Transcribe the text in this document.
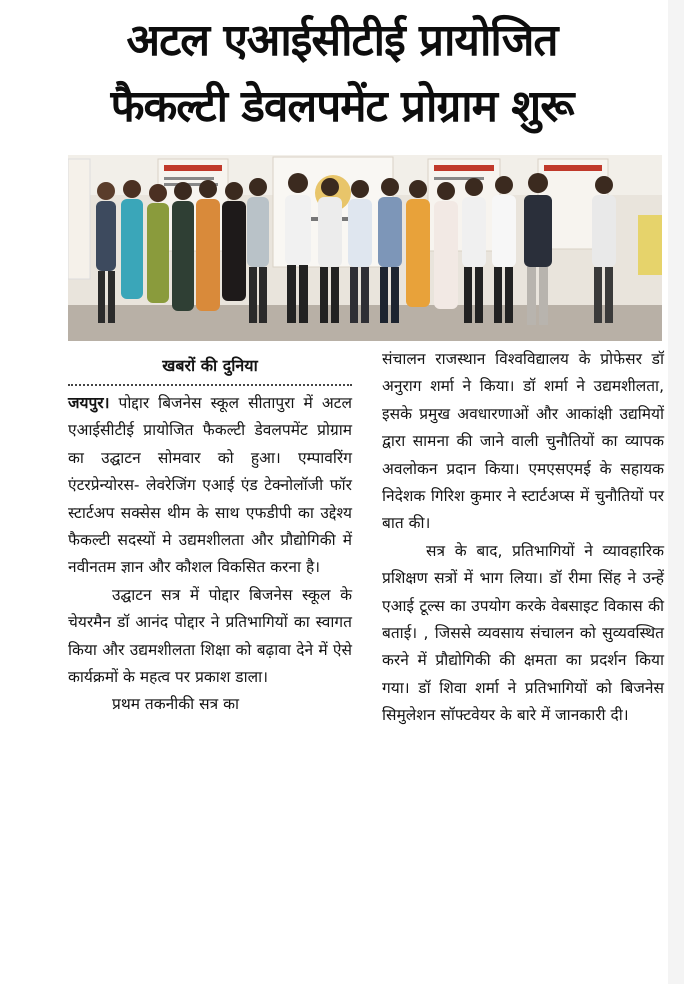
अटल एआईसीटीई प्रायोजित
फैकल्टी डेवलपमेंट प्रोग्राम शुरू
खबरों की दुनिया

जयपुर। पोद्दार बिजनेस स्कूल सीतापुरा में अटल एआईसीटीई प्रायोजित फैकल्टी डेवलपमेंट प्रोग्राम का उद्घाटन सोमवार को हुआ। एम्पावरिंग एंटरप्रेन्योरस- लेवरेजिंग एआई एंड टेक्नोलॉजी फॉर स्टार्टअप सक्सेस थीम के साथ एफडीपी का उद्देश्य फैकल्टी सदस्यों मे उद्यमशीलता और प्रौद्योगिकी में नवीनतम ज्ञान और कौशल विकसित करना है।

उद्घाटन सत्र में पोद्दार बिजनेस स्कूल के चेयरमैन डॉ आनंद पोद्दार ने प्रतिभागियों का स्वागत किया और उद्यमशीलता शिक्षा को बढ़ावा देने में ऐसे कार्यक्रमों के महत्व पर प्रकाश डाला।

प्रथम तकनीकी सत्र का

संचालन राजस्थान विश्वविद्यालय के प्रोफेसर डॉ अनुराग शर्मा ने किया। डॉ शर्मा ने उद्यमशीलता, इसके प्रमुख अवधारणाओं और आकांक्षी उद्यमियों द्वारा सामना की जाने वाली चुनौतियों का व्यापक अवलोकन प्रदान किया। एमएसएमई के सहायक निदेशक गिरिश कुमार ने स्टार्टअप्स में चुनौतियों पर बात की।

सत्र के बाद, प्रतिभागियों ने व्यावहारिक प्रशिक्षण सत्रों में भाग लिया। डॉ रीमा सिंह ने उन्हें एआई टूल्स का उपयोग करके वेबसाइट विकास की बताई। , जिससे व्यवसाय संचालन को सुव्यवस्थित करने में प्रौद्योगिकी की क्षमता का प्रदर्शन किया गया। डॉ शिवा शर्मा ने प्रतिभागियों को बिजनेस सिमुलेशन सॉफ्टवेयर के बारे में जानकारी दी।
